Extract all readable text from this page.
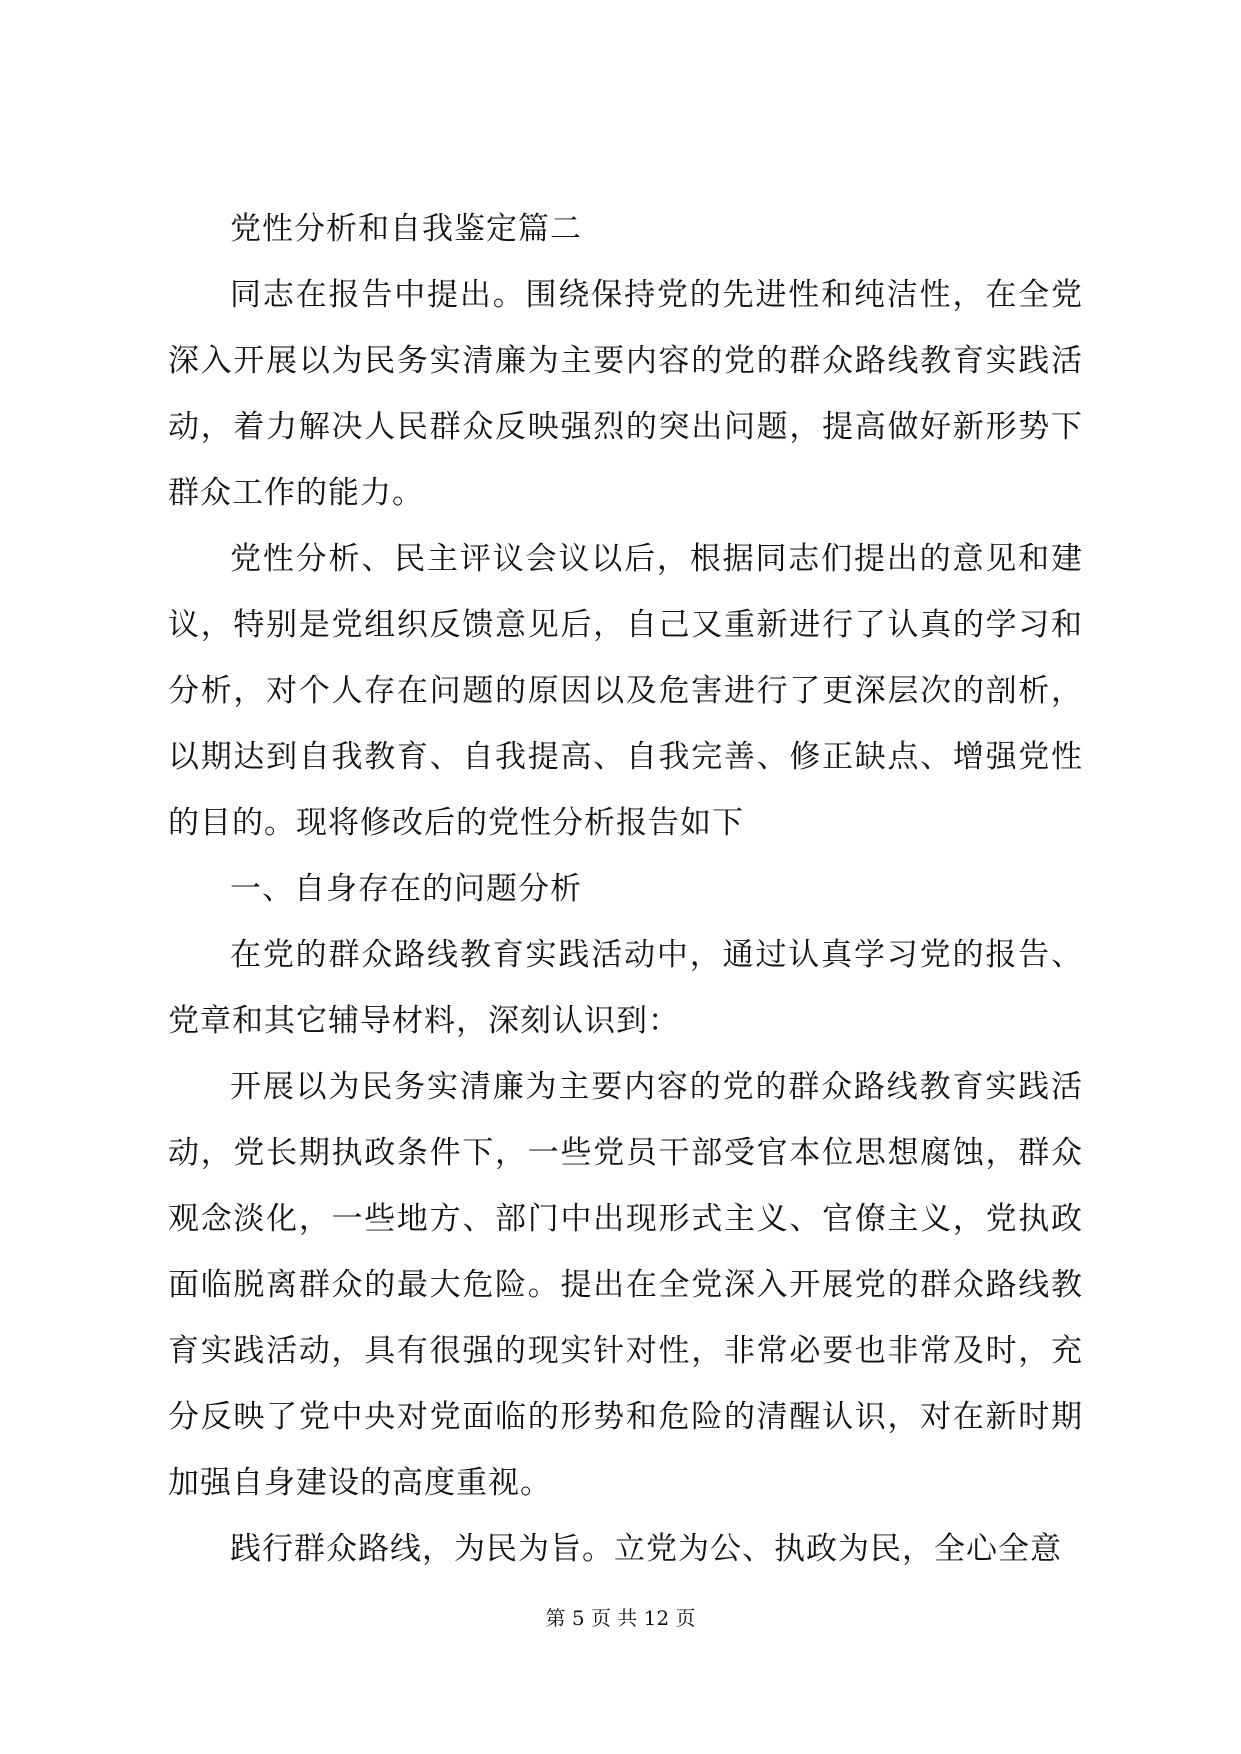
党性分析和自我鉴定篇二

同志在报告中提出。围绕保持党的先进性和纯洁性，在全党深入开展以为民务实清廉为主要内容的党的群众路线教育实践活动，着力解决人民群众反映强烈的突出问题，提高做好新形势下群众工作的能力。

党性分析、民主评议会议以后，根据同志们提出的意见和建议，特别是党组织反馈意见后，自己又重新进行了认真的学习和分析，对个人存在问题的原因以及危害进行了更深层次的剖析，以期达到自我教育、自我提高、自我完善、修正缺点、增强党性的目的。现将修改后的党性分析报告如下

一、自身存在的问题分析

在党的群众路线教育实践活动中，通过认真学习党的报告、党章和其它辅导材料，深刻认识到：

开展以为民务实清廉为主要内容的党的群众路线教育实践活动，党长期执政条件下，一些党员干部受官本位思想腐蚀，群众观念淡化，一些地方、部门中出现形式主义、官僚主义，党执政面临脱离群众的最大危险。提出在全党深入开展党的群众路线教育实践活动，具有很强的现实针对性，非常必要也非常及时，充分反映了党中央对党面临的形势和危险的清醒认识，对在新时期加强自身建设的高度重视。

践行群众路线，为民为旨。立党为公、执政为民，全心全意

第 5 页 共 12 页
